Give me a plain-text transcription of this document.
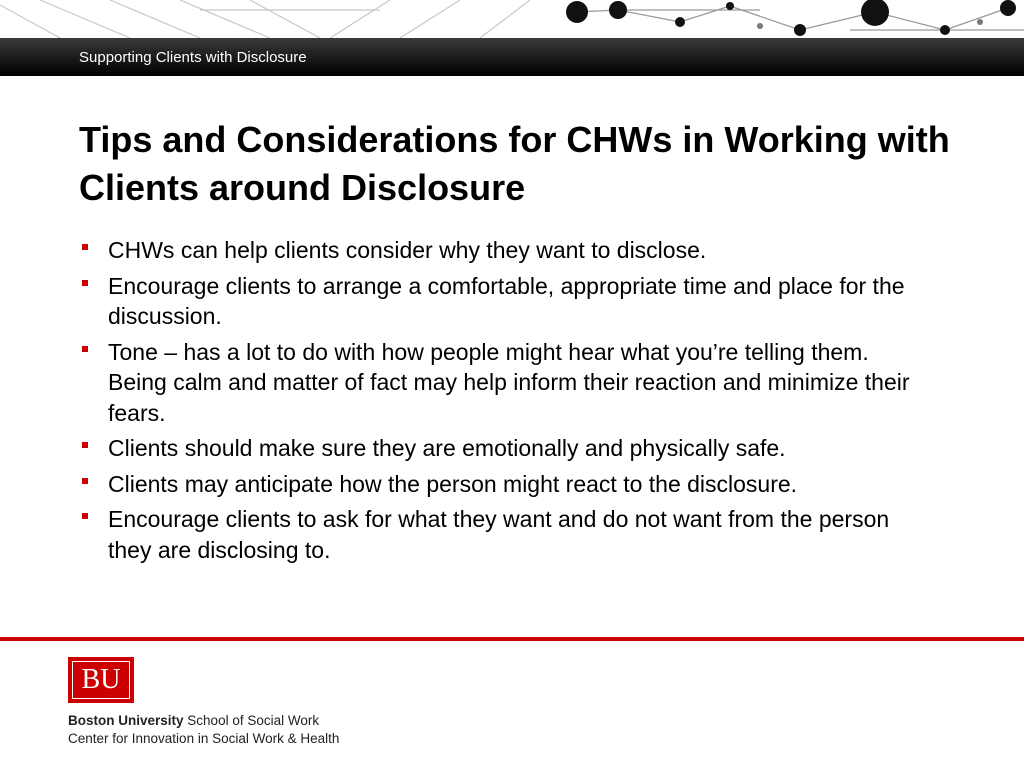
Supporting Clients with Disclosure
Tips and Considerations for CHWs in Working with Clients around Disclosure
CHWs can help clients consider why they want to disclose.
Encourage clients to arrange a comfortable, appropriate time and place for the discussion.
Tone – has a lot to do with how people might hear what you’re telling them. Being calm and matter of fact may help inform their reaction and minimize their fears.
Clients should make sure they are emotionally and physically safe.
Clients may anticipate how the person might react to the disclosure.
Encourage clients to ask for what they want and do not want from the person they are disclosing to.
BU
Boston University School of Social Work
Center for Innovation in Social Work & Health
